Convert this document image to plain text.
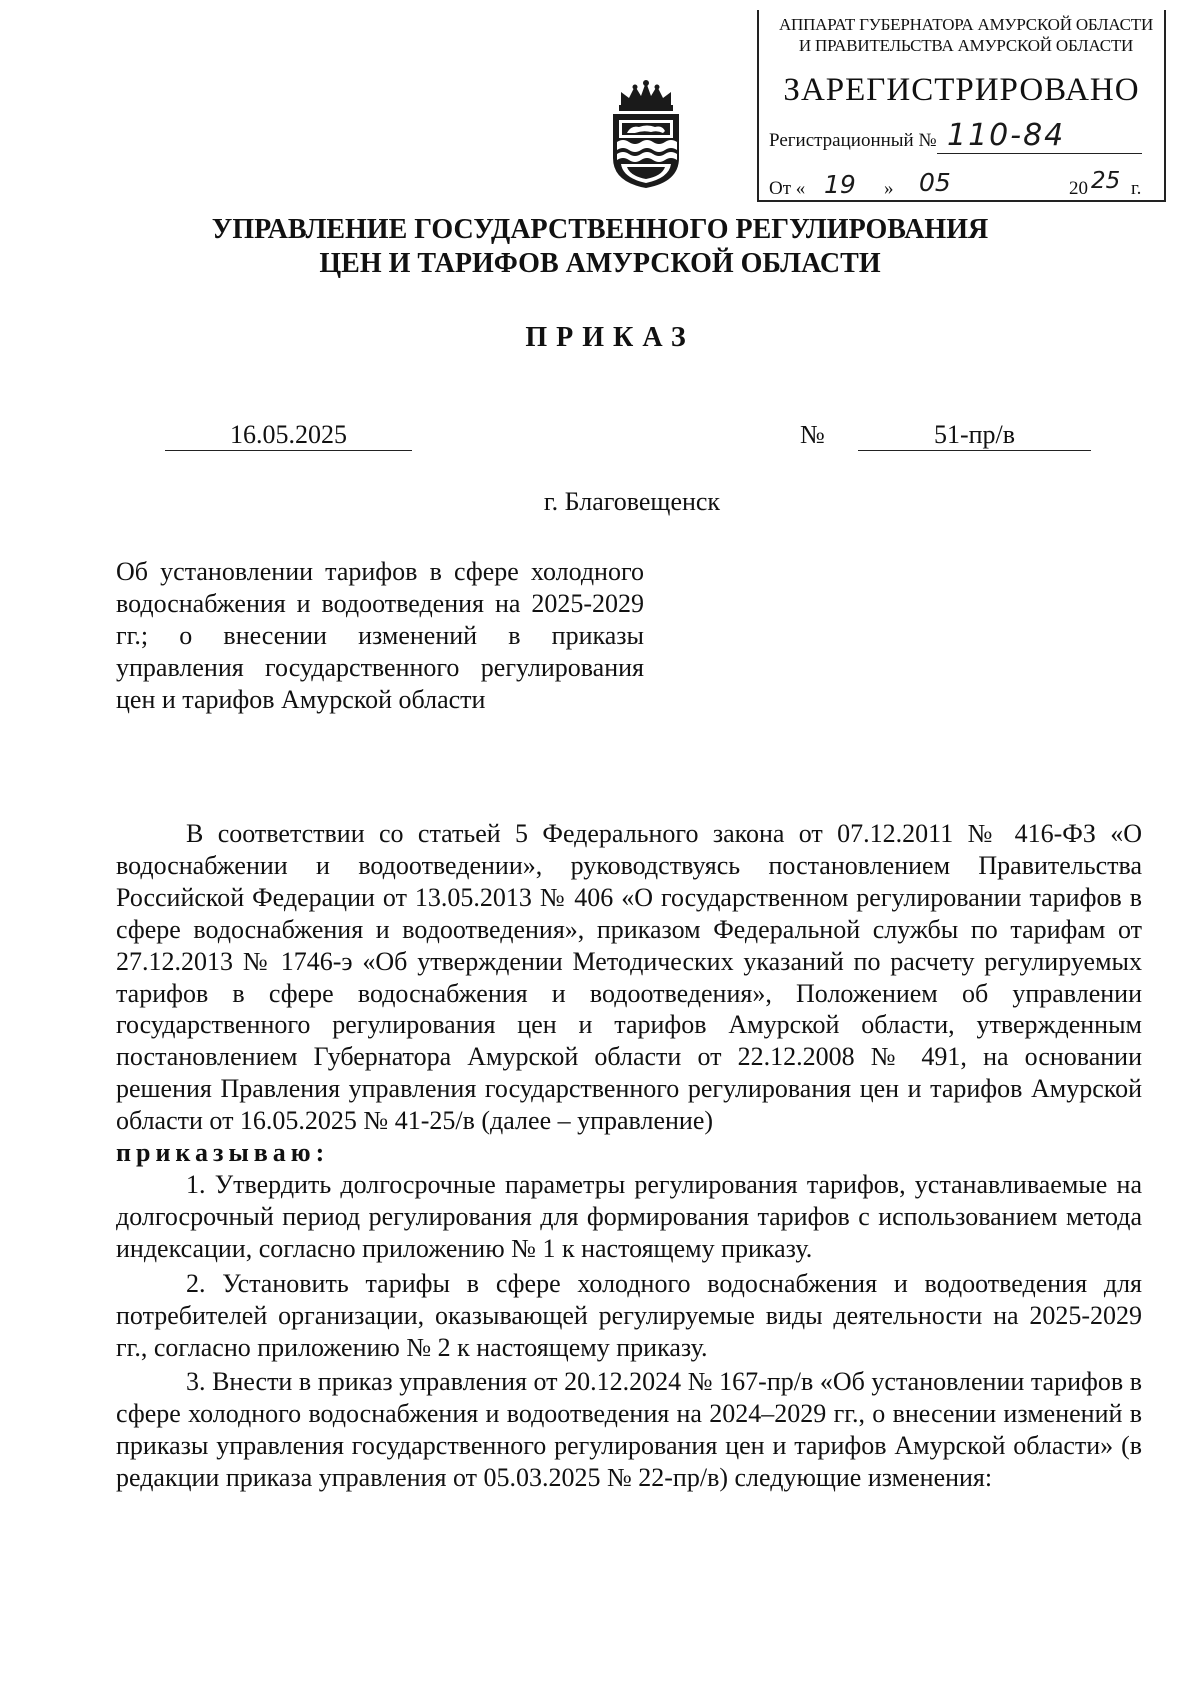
АППАРАТ ГУБЕРНАТОРА АМУРСКОЙ ОБЛАСТИ
И ПРАВИТЕЛЬСТВА АМУРСКОЙ ОБЛАСТИ
ЗАРЕГИСТРИРОВАНО
Регистрационный № 110-84
От « 19 » 05	20 25 г.
УПРАВЛЕНИЕ ГОСУДАРСТВЕННОГО РЕГУЛИРОВАНИЯ
ЦЕН И ТАРИФОВ АМУРСКОЙ ОБЛАСТИ
ПРИКАЗ
16.05.2025	№	51-пр/в
г. Благовещенск
Об установлении тарифов в сфере холодного водоснабжения и водоотведения на 2025-2029 гг.; о внесении изменений в приказы управления государственного регулирования цен и тарифов Амурской области

В соответствии со статьей 5 Федерального закона от 07.12.2011 № 416-ФЗ «О водоснабжении и водоотведении», руководствуясь постановлением Правительства Российской Федерации от 13.05.2013 № 406 «О государственном регулировании тарифов в сфере водоснабжения и водоотведения», приказом Федеральной службы по тарифам от 27.12.2013 № 1746-э «Об утверждении Методических указаний по расчету регулируемых тарифов в сфере водоснабжения и водоотведения», Положением об управлении государственного регулирования цен и тарифов Амурской области, утвержденным постановлением Губернатора Амурской области от 22.12.2008 № 491, на основании решения Правления управления государственного регулирования цен и тарифов Амурской области от 16.05.2025 № 41-25/в (далее – управление)

приказываю:

1. Утвердить долгосрочные параметры регулирования тарифов, устанавливаемые на долгосрочный период регулирования для формирования тарифов с использованием метода индексации, согласно приложению № 1 к настоящему приказу.

2. Установить тарифы в сфере холодного водоснабжения и водоотведения для потребителей организации, оказывающей регулируемые виды деятельности на 2025-2029 гг., согласно приложению № 2 к настоящему приказу.

3. Внести в приказ управления от 20.12.2024 № 167-пр/в «Об установлении тарифов в сфере холодного водоснабжения и водоотведения на 2024–2029 гг., о внесении изменений в приказы управления государственного регулирования цен и тарифов Амурской области» (в редакции приказа управления от 05.03.2025 № 22-пр/в) следующие изменения:
